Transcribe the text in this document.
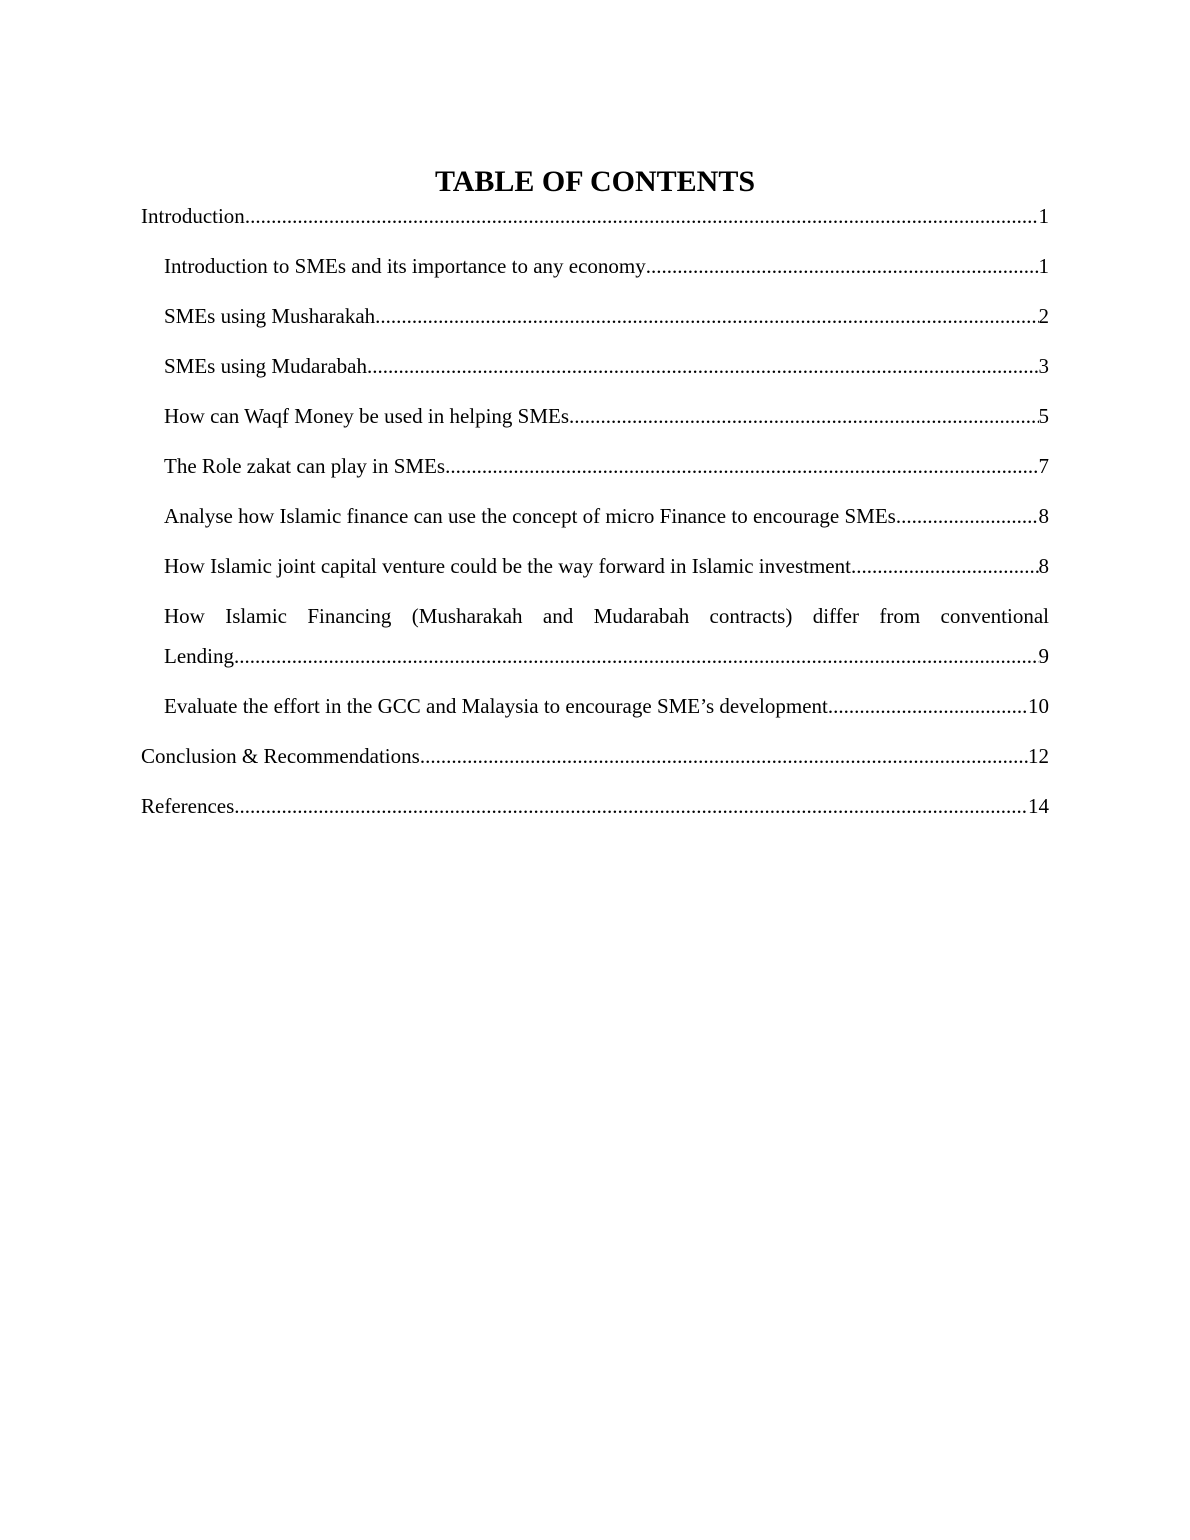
TABLE OF CONTENTS
Introduction .....	1
Introduction to SMEs and its importance to any economy .....	1
SMEs using Musharakah .....	2
SMEs using Mudarabah .....	3
How can Waqf Money be used in helping SMEs .....	5
The Role zakat can play in SMEs .....	7
Analyse how Islamic finance can use the concept of micro Finance to encourage SMEs .....	8
How Islamic joint capital venture could be the way forward in Islamic investment .....	8
How Islamic Financing (Musharakah and Mudarabah contracts) differ from conventional
Lending .....	9
Evaluate the effort in the GCC and Malaysia to encourage SME’s development .....	10
Conclusion & Recommendations .....	12
References .....	14
